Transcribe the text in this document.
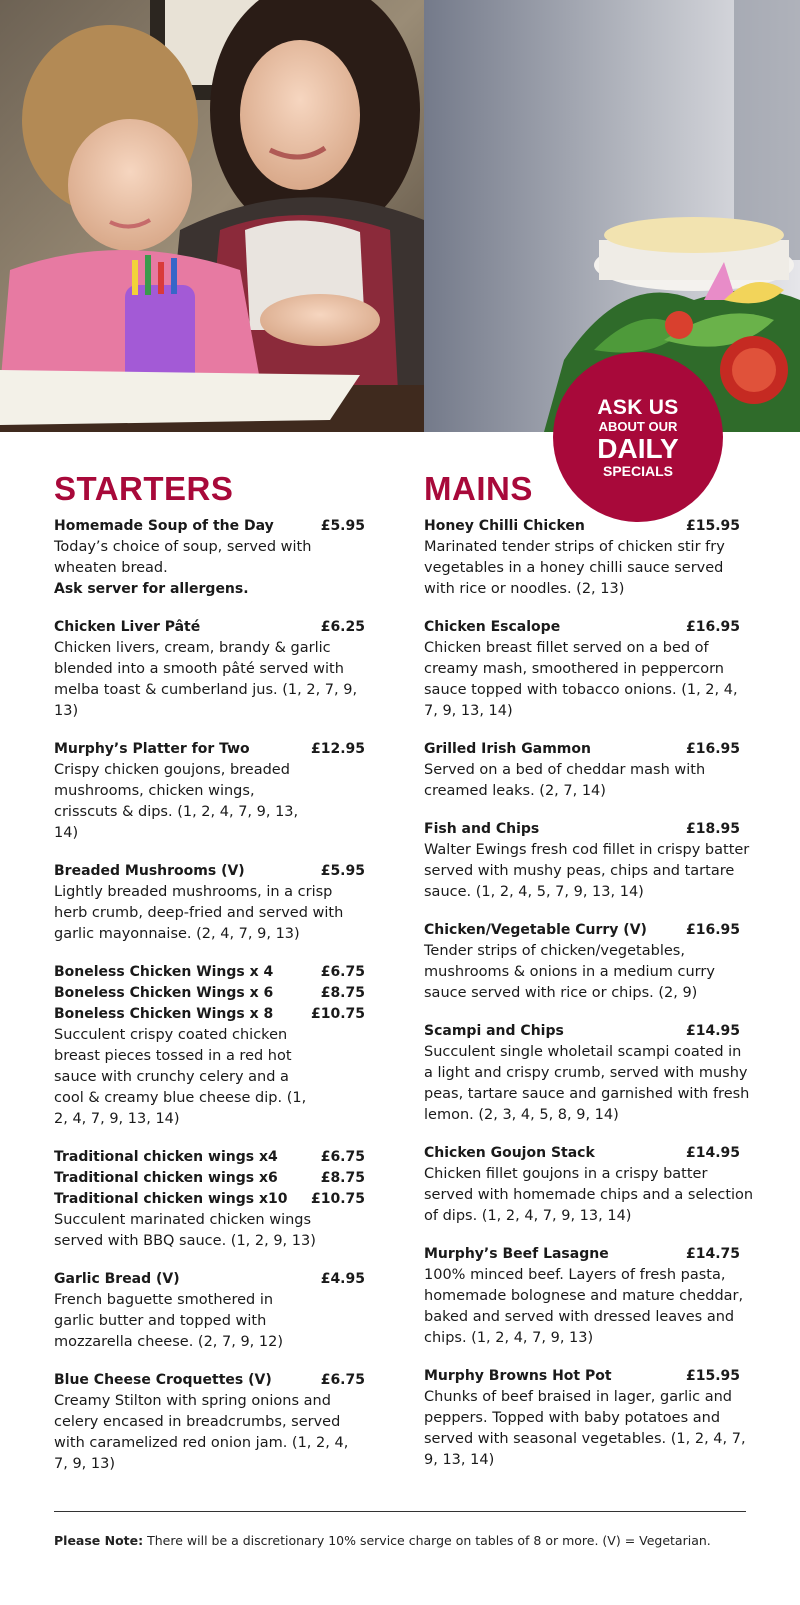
ASK US
ABOUT OUR
DAILY
SPECIALS
STARTERS
Homemade Soup of the Day	£5.95
Today’s choice of soup, served with wheaten bread.
Ask server for allergens.
Chicken Liver Pâté	£6.25
Chicken livers, cream, brandy & garlic blended into a smooth pâté served with melba toast & cumberland jus. (1, 2, 7, 9, 13)
Murphy’s Platter for Two	£12.95
Crispy chicken goujons, breaded mushrooms, chicken wings, crisscuts & dips. (1, 2, 4, 7, 9, 13, 14)
Breaded Mushrooms (V)	£5.95
Lightly breaded mushrooms, in a crisp herb crumb, deep-fried and served with garlic mayonnaise. (2, 4, 7, 9, 13)
Boneless Chicken Wings x 4	£6.75
Boneless Chicken Wings x 6	£8.75
Boneless Chicken Wings x 8	£10.75
Succulent crispy coated chicken breast pieces tossed in a red hot sauce with crunchy celery and a cool & creamy blue cheese dip. (1, 2, 4, 7, 9, 13, 14)
Traditional chicken wings x4	£6.75
Traditional chicken wings x6	£8.75
Traditional chicken wings x10 £10.75
Succulent marinated chicken wings served with BBQ sauce. (1, 2, 9, 13)
Garlic Bread (V)	£4.95
French baguette smothered in garlic butter and topped with mozzarella cheese. (2, 7, 9, 12)
Blue Cheese Croquettes (V)	£6.75
Creamy Stilton with spring onions and celery encased in breadcrumbs, served with caramelized red onion jam. (1, 2, 4, 7, 9, 13)
MAINS
Honey Chilli Chicken	£15.95
Marinated tender strips of chicken stir fry vegetables in a honey chilli sauce served with rice or noodles. (2, 13)
Chicken Escalope	£16.95
Chicken breast fillet served on a bed of creamy mash, smoothered in peppercorn sauce topped with tobacco onions. (1, 2, 4, 7, 9, 13, 14)
Grilled Irish Gammon	£16.95
Served on a bed of cheddar mash with creamed leaks. (2, 7, 14)
Fish and Chips	£18.95
Walter Ewings fresh cod fillet in crispy batter served with mushy peas, chips and tartare sauce. (1, 2, 4, 5, 7, 9, 13, 14)
Chicken/Vegetable Curry (V)	£16.95
Tender strips of chicken/vegetables, mushrooms & onions in a medium curry sauce served with rice or chips. (2, 9)
Scampi and Chips	£14.95
Succulent single wholetail scampi coated in a light and crispy crumb, served with mushy peas, tartare sauce and garnished with fresh lemon. (2, 3, 4, 5, 8, 9, 14)
Chicken Goujon Stack	£14.95
Chicken fillet goujons in a crispy batter served with homemade chips and a selection of dips. (1, 2, 4, 7, 9, 13, 14)
Murphy’s Beef Lasagne	£14.75
100% minced beef. Layers of fresh pasta, homemade bolognese and mature cheddar, baked and served with dressed leaves and chips. (1, 2, 4, 7, 9, 13)
Murphy Browns Hot Pot	£15.95
Chunks of beef braised in lager, garlic and peppers. Topped with baby potatoes and served with seasonal vegetables. (1, 2, 4, 7, 9, 13, 14)
Please Note: There will be a discretionary 10% service charge on tables of 8 or more. (V) = Vegetarian.
